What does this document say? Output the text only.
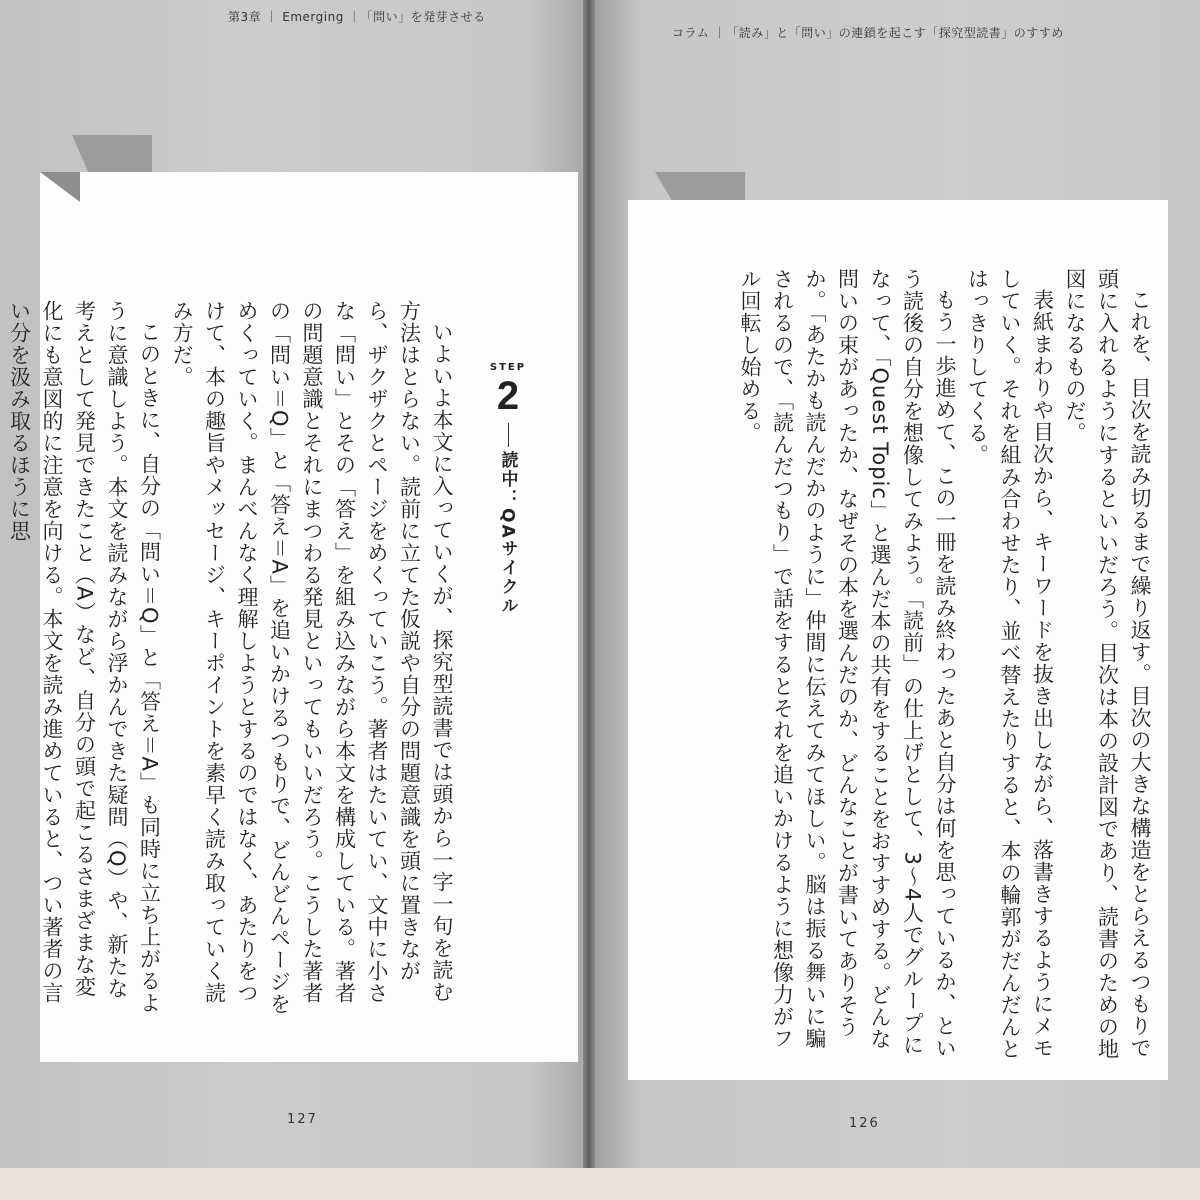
第3章 ｜ Emerging ｜「問い」を発芽させる
コラム ｜「読み」と「問い」の連鎖を起こす「探究型読書」のすすめ
STEP
2
読中：QAサイクル

いよいよ本文に入っていくが、探究型読書では頭から一字一句を読む方法はとらない。読前に立てた仮説や自分の問題意識を頭に置きながら、ザクザクとページをめくっていこう。著者はたいてい、文中に小さな「問い」とその「答え」を組み込みながら本文を構成している。著者の問題意識とそれにまつわる発見といってもいいだろう。こうした著者の「問い＝Q」と「答え＝A」を追いかけるつもりで、どんどんページをめくっていく。まんべんなく理解しようとするのではなく、あたりをつけて、本の趣旨やメッセージ、キーポイントを素早く読み取っていく読み方だ。

このときに、自分の「問い＝Q」と「答え＝A」も同時に立ち上がるように意識しよう。本文を読みながら浮かんできた疑問（Q）や、新たな考えとして発見できたこと（A）など、自分の頭で起こるさまざまな変化にも意図的に注意を向ける。本文を読み進めていると、つい著者の言い分を汲み取るほうに思	これを、目次を読み切るまで繰り返す。目次の大きな構造をとらえるつもりで頭に入れるようにするといいだろう。目次は本の設計図であり、読書のための地図になるものだ。

表紙まわりや目次から、キーワードを抜き出しながら、落書きするようにメモしていく。それを組み合わせたり、並べ替えたりすると、本の輪郭がだんだんとはっきりしてくる。

もう一歩進めて、この一冊を読み終わったあと自分は何を思っているか、という読後の自分を想像してみよう。「読前」の仕上げとして、3〜4人でグループになって、「Quest Topic」と選んだ本の共有をすることをおすすめする。どんな問いの束があったか、なぜその本を選んだのか、どんなことが書いてありそうか。「あたかも読んだかのように」仲間に伝えてみてほしい。脳は振る舞いに騙されるので、「読んだつもり」で話をするとそれを追いかけるように想像力がフル回転し始める。

127	126
